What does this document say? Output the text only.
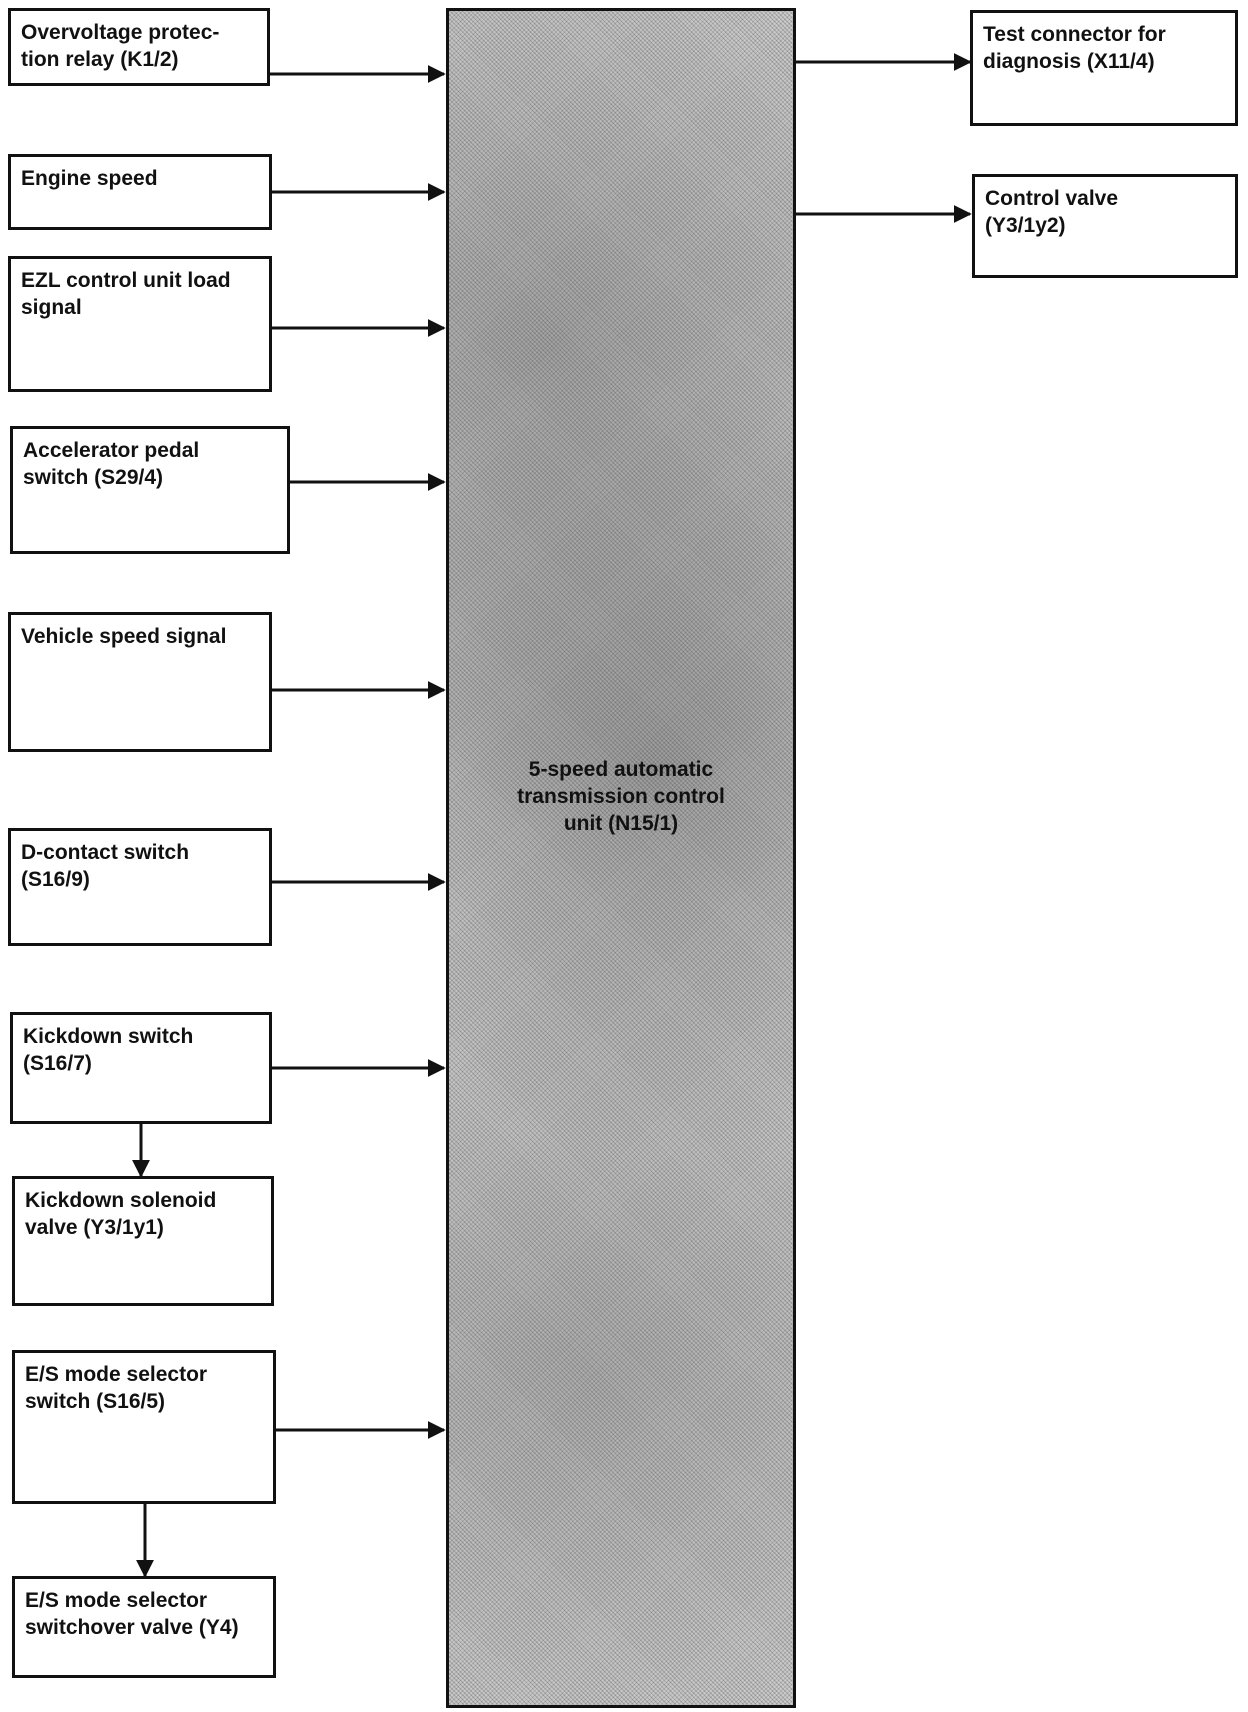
5-speed automatic
transmission control
unit (N15/1)
Overvoltage protec-
tion relay (K1/2)
Engine speed
EZL control unit load
signal
Accelerator pedal
switch (S29/4)
Vehicle speed signal
D-contact switch
(S16/9)
Kickdown switch
(S16/7)
Kickdown solenoid
valve (Y3/1y1)
E/S mode selector
switch (S16/5)
E/S mode selector
switchover valve (Y4)
Test connector for
diagnosis (X11/4)
Control valve
(Y3/1y2)
